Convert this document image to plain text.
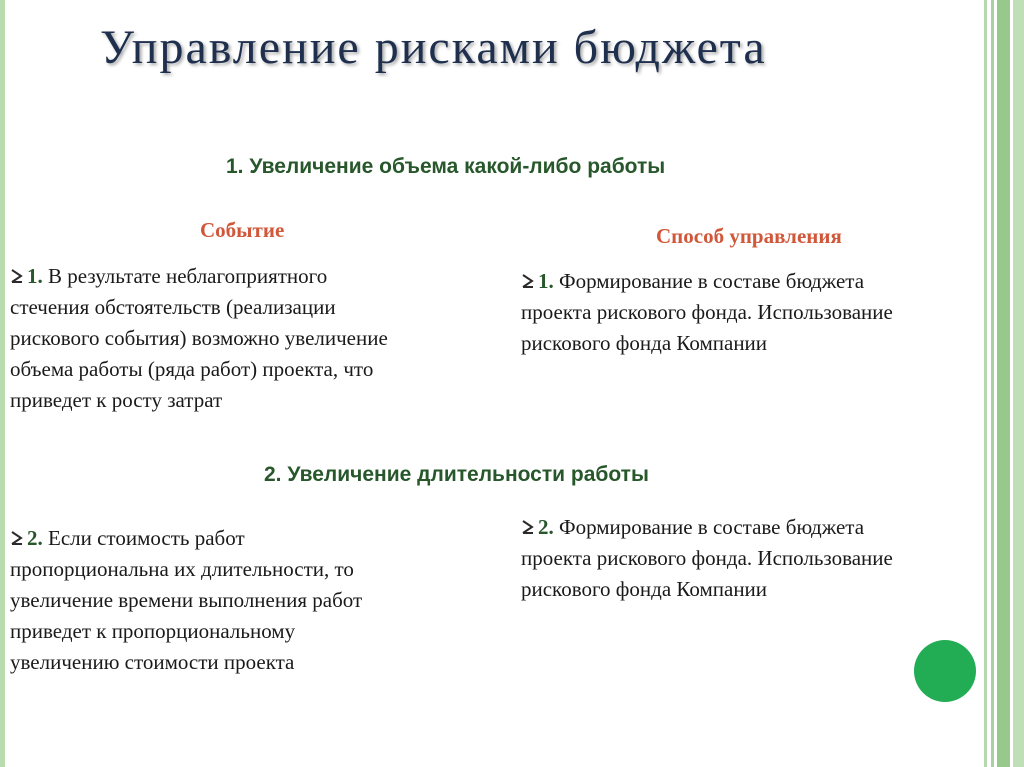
Управление рисками бюджета
1. Увеличение объема какой-либо работы
Событие	Способ управления
1. В результате неблагоприятного
стечения обстоятельств (реализации
рискового события) возможно увеличение
объема работы (ряда работ) проекта, что
приведет к росту затрат
1. Формирование в составе бюджета
проекта рискового фонда. Использование
рискового фонда Компании
2. Увеличение длительности работы
2. Если стоимость работ
пропорциональна их длительности, то
увеличение времени выполнения работ
приведет к пропорциональному
увеличению стоимости проекта
2. Формирование в составе бюджета
проекта рискового фонда. Использование
рискового фонда Компании
